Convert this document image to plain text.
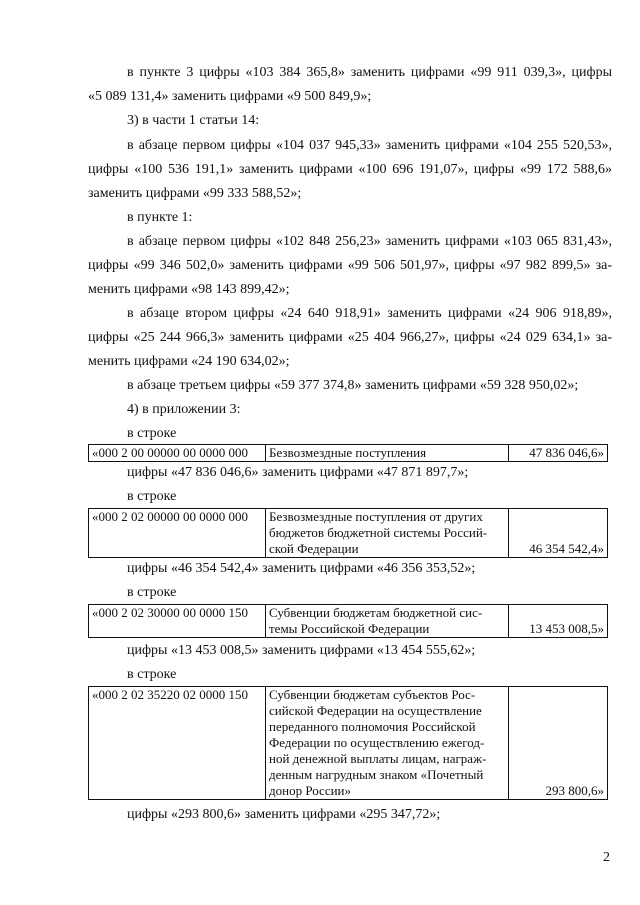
в пункте 3 цифры «103 384 365,8» заменить цифрами «99 911 039,3», цифры
«5 089 131,4» заменить цифрами «9 500 849,9»;
3) в части 1 статьи 14:
в абзаце первом цифры «104 037 945,33» заменить цифрами «104 255 520,53»,
цифры «100 536 191,1» заменить цифрами «100 696 191,07», цифры «99 172 588,6»
заменить цифрами «99 333 588,52»;
в пункте 1:
в абзаце первом цифры «102 848 256,23» заменить цифрами «103 065 831,43»,
цифры «99 346 502,0» заменить цифрами «99 506 501,97», цифры «97 982 899,5» за-
менить цифрами «98 143 899,42»;
в абзаце втором цифры «24 640 918,91» заменить цифрами «24 906 918,89»,
цифры «25 244 966,3» заменить цифрами «25 404 966,27», цифры «24 029 634,1» за-
менить цифрами «24 190 634,02»;
в абзаце третьем цифры «59 377 374,8» заменить цифрами «59 328 950,02»;
4) в приложении 3:
в строке
«000 2 00 00000 00 0000 000	Безвозмездные поступления	47 836 046,6»
цифры «47 836 046,6» заменить цифрами «47 871 897,7»;
в строке
«000 2 02 00000 00 0000 000	Безвозмездные поступления от других
бюджетов бюджетной системы Россий-
ской Федерации	46 354 542,4»
цифры «46 354 542,4» заменить цифрами «46 356 353,52»;
в строке
«000 2 02 30000 00 0000 150	Субвенции бюджетам бюджетной сис-
темы Российской Федерации	13 453 008,5»
цифры «13 453 008,5» заменить цифрами «13 454 555,62»;
в строке
«000 2 02 35220 02 0000 150	Субвенции бюджетам субъектов Рос-
сийской Федерации на осуществление
переданного полномочия Российской
Федерации по осуществлению ежегод-
ной денежной выплаты лицам, награж-
денным нагрудным знаком «Почетный
донор России»	293 800,6»
цифры «293 800,6» заменить цифрами «295 347,72»;
2
